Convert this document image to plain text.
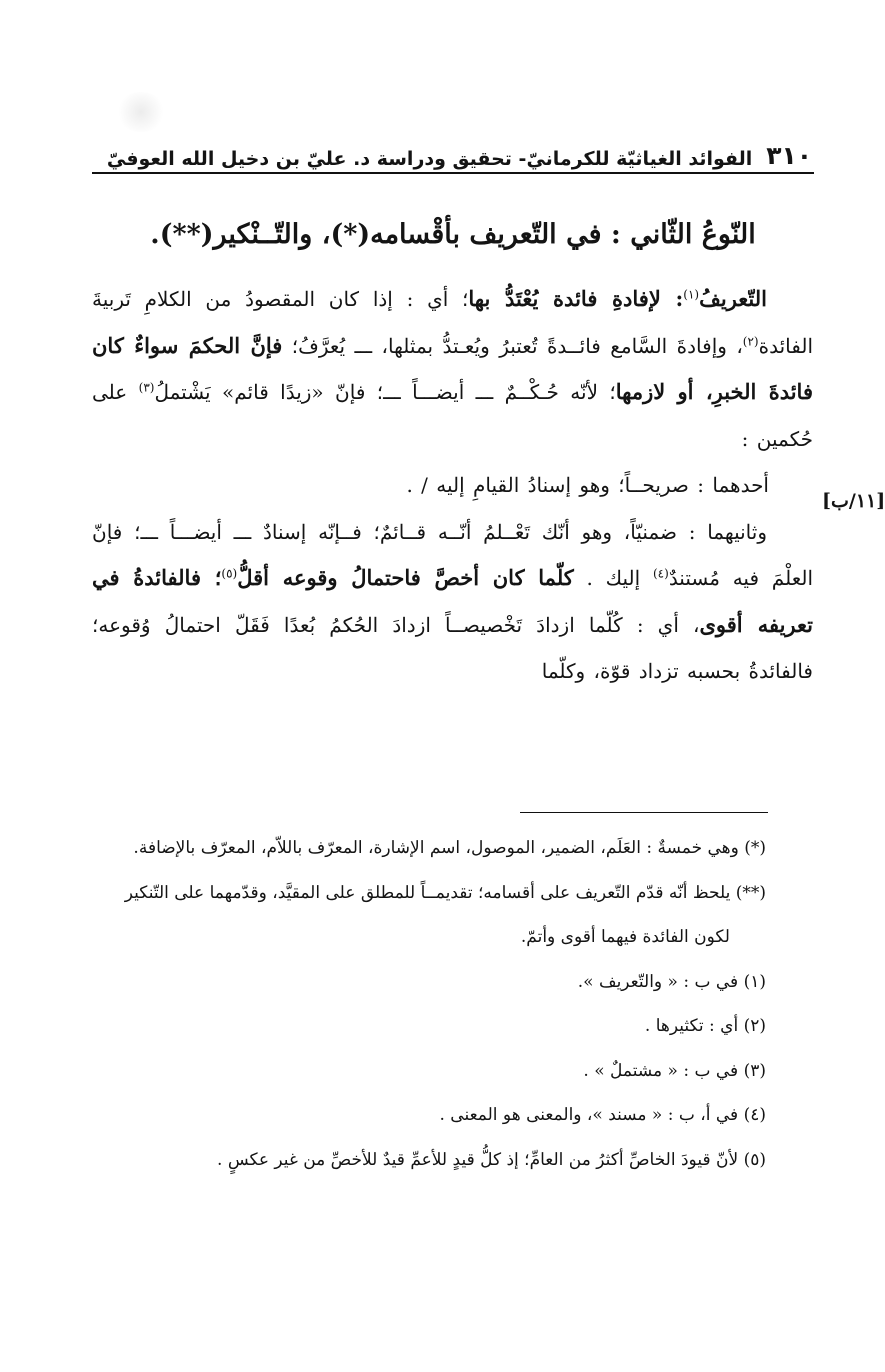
٣١٠
الفوائد الغياثيّة للكرمانيّ- تحقيق ودراسة د. عليّ بن دخيل الله العوفيّ
النّوعُ الثّاني : في التّعريف بأقْسامه(*)، والتّــنْكير(**).

التّعريفُ$^{(١)}$: لإفادةِ فائدة يُعْتَدُّ بها؛ أي : إذا كان المقصودُ من الكلامِ تَربيةَ الفائدة$^{(٢)}$، وإفادةَ السَّامع فائــدةً تُعتبرُ ويُعـتدُّ بمثلها، ـــ يُعرَّفُ؛ فإنَّ الحكمَ سواءٌ كان فائدةَ الخبرِ، أو لازمها؛ لأنّه حُـكْــمٌ ـــ أيضـــاً ـــ؛ فإنّ «زيدًا قائم» يَشْتملُ$^{(٣)}$ على حُكمين :

أحدهما : صريحــاً؛ وهو إسنادُ القيامِ إليه / .

وثانيهما : ضمنيّاً، وهو أنّك تَعْــلمُ أنّــه قــائمٌ؛ فــإنّه إسنادٌ ـــ أيضـــاً ـــ؛ فإنّ العلْمَ فيه مُستندٌ$^{(٤)}$ إليك . كلّما كان أخصَّ فاحتمالُ وقوعه أقلُّ$^{(٥)}$؛ فالفائدةُ في تعريفه أقوى، أي : كُلّما ازدادَ تَخْصيصــاً ازدادَ الحُكمُ بُعدًا فَقَلّ احتمالُ وُقوعه؛ فالفائدةُ بحسبه تزداد قوّة، وكلّما

[١١/ب]

(*) وهي خمسةٌ : العَلَم، الضمير، الموصول، اسم الإشارة، المعرّف باللاّم، المعرّف بالإضافة.

(**) يلحظ أنّه قدّم التّعريف على أقسامه؛ تقديمــاً للمطلق على المقيَّد، وقدّمهما على التّنكير لكون الفائدة فيهما أقوى وأتمّ.

(١) في ب : « والتّعريف ».

(٢) أي : تكثيرها .

(٣) في ب : « مشتملٌ » .

(٤) في أ، ب : « مسند »، والمعنى هو المعنى .

(٥) لأنّ قيودَ الخاصِّ أكثرُ من العامِّ؛ إذ كلُّ قيدٍ للأعمِّ قيدٌ للأخصِّ من غير عكسٍ .
